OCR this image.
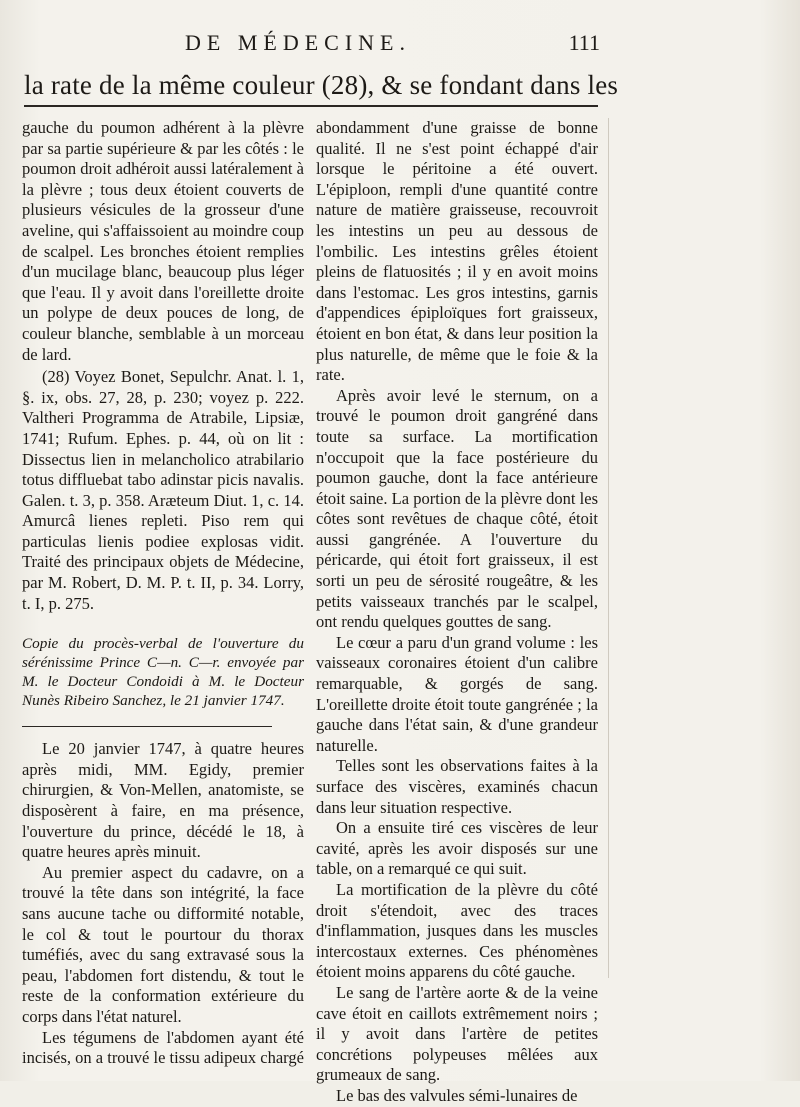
DE MÉDECINE.	111
la rate de la même couleur (28), & se fondant dans les

gauche du poumon adhérent à la plèvre par sa partie supérieure & par les côtés : le poumon droit adhéroit aussi latéralement à la plèvre ; tous deux étoient couverts de plusieurs vésicules de la grosseur d'une aveline, qui s'affaissoient au moindre coup de scalpel. Les bronches étoient remplies d'un mucilage blanc, beaucoup plus léger que l'eau. Il y avoit dans l'oreillette droite un polype de deux pouces de long, de couleur blanche, semblable à un morceau de lard.

(28) Voyez Bonet, Sepulchr. Anat. l. 1, §. ix, obs. 27, 28, p. 230; voyez p. 222. Valtheri Programma de Atrabile, Lipsiæ, 1741; Rufum. Ephes. p. 44, où on lit : Dissectus lien in melancholico atrabilario totus diffluebat tabo adinstar picis navalis. Galen. t. 3, p. 358. Aræteum Diut. 1, c. 14. Amurcâ lienes repleti. Piso rem qui particulas lienis podiee explosas vidit. Traité des principaux objets de Médecine, par M. Robert, D. M. P. t. II, p. 34. Lorry, t. I, p. 275.

Copie du procès-verbal de l'ouverture du sérénissime Prince C—n. C—r. envoyée par M. le Docteur Condoidi à M. le Docteur Nunès Ribeiro Sanchez, le 21 janvier 1747.

Le 20 janvier 1747, à quatre heures après midi, MM. Egidy, premier chirurgien, & Von-Mellen, anatomiste, se disposèrent à faire, en ma présence, l'ouverture du prince, décédé le 18, à quatre heures après minuit.

Au premier aspect du cadavre, on a trouvé la tête dans son intégrité, la face sans aucune tache ou difformité notable, le col & tout le pourtour du thorax tuméfiés, avec du sang extravasé sous la peau, l'abdomen fort distendu, & tout le reste de la conformation extérieure du corps dans l'état naturel.

Les tégumens de l'abdomen ayant été incisés, on a trouvé le tissu adipeux chargé

abondamment d'une graisse de bonne qualité. Il ne s'est point échappé d'air lorsque le péritoine a été ouvert. L'épiploon, rempli d'une quantité contre nature de matière graisseuse, recouvroit les intestins un peu au dessous de l'ombilic. Les intestins grêles étoient pleins de flatuosités ; il y en avoit moins dans l'estomac. Les gros intestins, garnis d'appendices épiploïques fort graisseux, étoient en bon état, & dans leur position la plus naturelle, de même que le foie & la rate.

Après avoir levé le sternum, on a trouvé le poumon droit gangréné dans toute sa surface. La mortification n'occupoit que la face postérieure du poumon gauche, dont la face antérieure étoit saine. La portion de la plèvre dont les côtes sont revêtues de chaque côté, étoit aussi gangrénée. A l'ouverture du péricarde, qui étoit fort graisseux, il est sorti un peu de sérosité rougeâtre, & les petits vaisseaux tranchés par le scalpel, ont rendu quelques gouttes de sang.

Le cœur a paru d'un grand volume : les vaisseaux coronaires étoient d'un calibre remarquable, & gorgés de sang. L'oreillette droite étoit toute gangrénée ; la gauche dans l'état sain, & d'une grandeur naturelle.

Telles sont les observations faites à la surface des viscères, examinés chacun dans leur situation respective.

On a ensuite tiré ces viscères de leur cavité, après les avoir disposés sur une table, on a remarqué ce qui suit.

La mortification de la plèvre du côté droit s'étendoit, avec des traces d'inflammation, jusques dans les muscles intercostaux externes. Ces phénomènes étoient moins apparens du côté gauche.

Le sang de l'artère aorte & de la veine cave étoit en caillots extrêmement noirs ; il y avoit dans l'artère de petites concrétions polypeuses mêlées aux grumeaux de sang.

Le bas des valvules sémi-lunaires de
